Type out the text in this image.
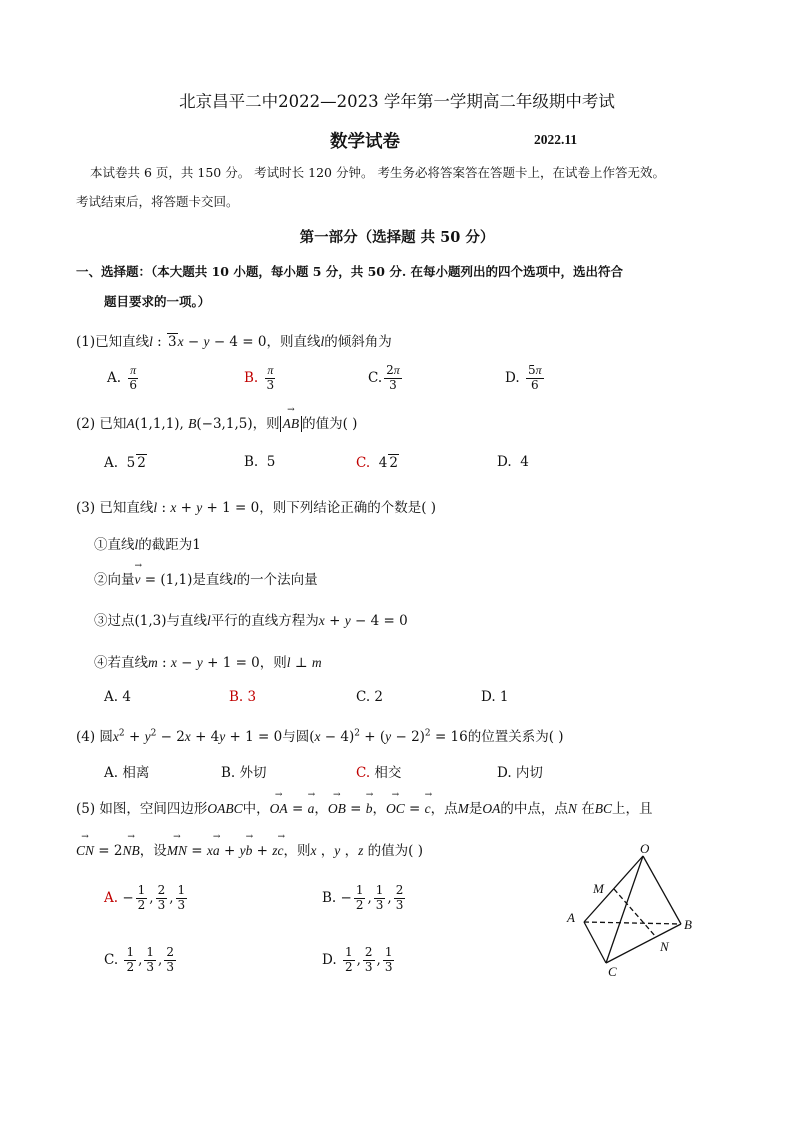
北京昌平二中2022—2023 学年第一学期高二年级期中考试
数学试卷	2022.11
本试卷共 6 页，共 150 分。 考试时长 120 分钟。 考生务必将答案答在答题卡上，在试卷上作答无效。
考试结束后，将答题卡交回。
第一部分（选择题 共 50 分）
一、选择题：（本大题共 10 小题，每小题 5 分，共 50 分. 在每小题列出的四个选项中，选出符合
题目要求的一项。）
(1)已知直线l : 3x − y − 4 = 0，则直线l的倾斜角为
A. $\frac{\pi}{6}$	B. $\frac{\pi}{3}$	C. $\frac{2\pi}{3}$	D. $\frac{5\pi}{6}$
(2) 已知A(1,1,1), B(−3,1,5)，则→ AB 的值为( )
A.  5 2	B.  5	C. 4 2	D.  4
(3) 已知直线l : x + y + 1 = 0，则下列结论正确的个数是( )
①直线l的截距为1
②向量→ v = (1,1)是直线l的一个法向量
③过点(1,3)与直线l平行的直线方程为x + y − 4 = 0
④若直线m : x − y + 1 = 0，则l ⊥ m
A. 4	B. 3	C. 2	D. 1
(4) 圆$x^2 + y^2 - 2x + 4y + 1 = 0$与圆$(x - 4)^2 + (y - 2)^2 = 16$的位置关系为( )
A. 相离	B. 外切	C. 相交	D. 内切
(5) 如图，空间四边形OABC中，→ OA = → a，→ OB = → b，→ OC = → c，点M是OA的中点，点N 在BC上，且
→ CN = 2→ NB，设→ MN = x→ a + y→ b + z→ c，则x ，y ，z 的值为( )
A. − $\frac{1}{2}$ , $\frac{2}{3}$ , $\frac{1}{3}$	B. − $\frac{1}{2}$ , $\frac{1}{3}$ , $\frac{2}{3}$
C. $\frac{1}{2}$ , $\frac{1}{3}$ , $\frac{2}{3}$	D. $\frac{1}{2}$ , $\frac{2}{3}$ , $\frac{1}{3}$
O
M
A	B
N
C
